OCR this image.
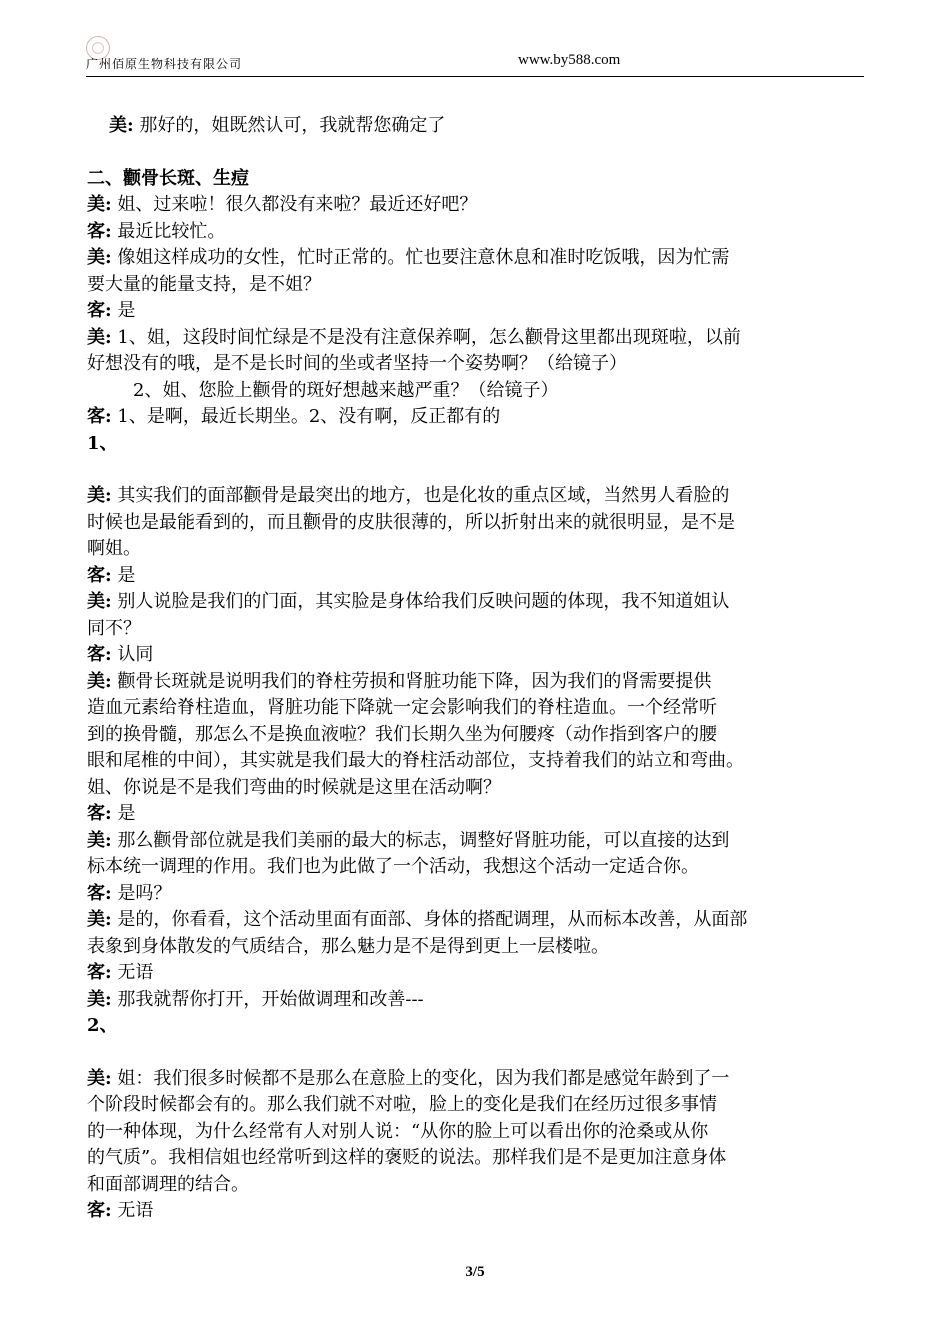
广州佰原生物科技有限公司	www.by588.com
美: 那好的，姐既然认可，我就帮您确定了
二、颧骨长斑、生痘
美: 姐、过来啦！很久都没有来啦？最近还好吧？
客: 最近比较忙。
美: 像姐这样成功的女性，忙时正常的。忙也要注意休息和准时吃饭哦，因为忙需
要大量的能量支持，是不姐？
客: 是
美: 1、姐，这段时间忙绿是不是没有注意保养啊，怎么颧骨这里都出现斑啦，以前
好想没有的哦，是不是长时间的坐或者坚持一个姿势啊？（给镜子）
2、姐、您脸上颧骨的斑好想越来越严重？（给镜子）
客: 1、是啊，最近长期坐。2、没有啊，反正都有的
1、
美: 其实我们的面部颧骨是最突出的地方，也是化妆的重点区域，当然男人看脸的
时候也是最能看到的，而且颧骨的皮肤很薄的，所以折射出来的就很明显，是不是
啊姐。
客: 是
美: 别人说脸是我们的门面，其实脸是身体给我们反映问题的体现，我不知道姐认
同不？
客: 认同
美: 颧骨长斑就是说明我们的脊柱劳损和肾脏功能下降，因为我们的肾需要提供
造血元素给脊柱造血，肾脏功能下降就一定会影响我们的脊柱造血。一个经常听
到的换骨髓，那怎么不是换血液啦？我们长期久坐为何腰疼（动作指到客户的腰
眼和尾椎的中间），其实就是我们最大的脊柱活动部位，支持着我们的站立和弯曲。
姐、你说是不是我们弯曲的时候就是这里在活动啊？
客: 是
美: 那么颧骨部位就是我们美丽的最大的标志，调整好肾脏功能，可以直接的达到
标本统一调理的作用。我们也为此做了一个活动，我想这个活动一定适合你。
客: 是吗？
美: 是的，你看看，这个活动里面有面部、身体的搭配调理，从而标本改善，从面部
表象到身体散发的气质结合，那么魅力是不是得到更上一层楼啦。
客: 无语
美: 那我就帮你打开，开始做调理和改善---
2、
美: 姐：我们很多时候都不是那么在意脸上的变化，因为我们都是感觉年龄到了一
个阶段时候都会有的。那么我们就不对啦，脸上的变化是我们在经历过很多事情
的一种体现，为什么经常有人对别人说：“从你的脸上可以看出你的沧桑或从你
的气质”。我相信姐也经常听到这样的褒贬的说法。那样我们是不是更加注意身体
和面部调理的结合。
客: 无语
3/5
